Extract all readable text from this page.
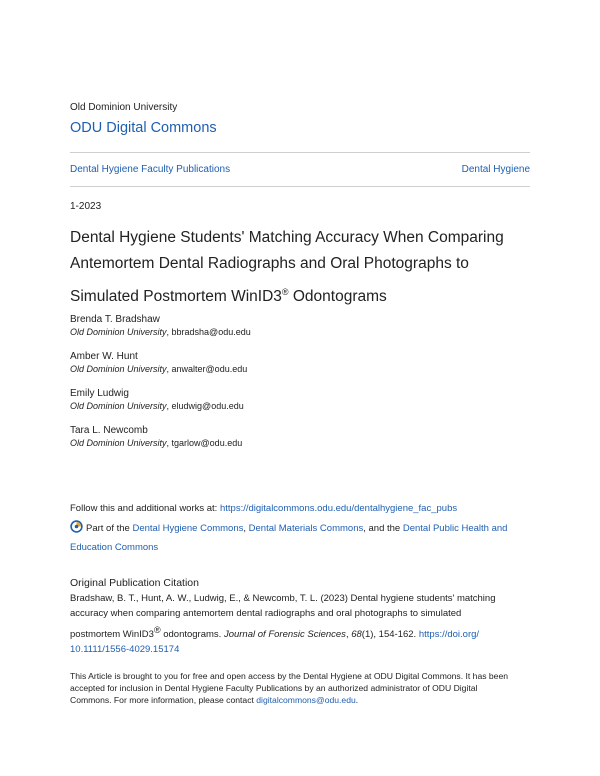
Old Dominion University
ODU Digital Commons
Dental Hygiene Faculty Publications	Dental Hygiene
1-2023
Dental Hygiene Students' Matching Accuracy When Comparing
Antemortem Dental Radiographs and Oral Photographs to
Simulated Postmortem WinID3® Odontograms
Brenda T. Bradshaw
Old Dominion University, bbradsha@odu.edu
Amber W. Hunt
Old Dominion University, anwalter@odu.edu
Emily Ludwig
Old Dominion University, eludwig@odu.edu
Tara L. Newcomb
Old Dominion University, tgarlow@odu.edu
Follow this and additional works at: https://digitalcommons.odu.edu/dentalhygiene_fac_pubs
Part of the Dental Hygiene Commons, Dental Materials Commons, and the Dental Public Health and
Education Commons
Original Publication Citation
Bradshaw, B. T., Hunt, A. W., Ludwig, E., & Newcomb, T. L. (2023) Dental hygiene students' matching
accuracy when comparing antemortem dental radiographs and oral photographs to simulated
postmortem WinID3® odontograms. Journal of Forensic Sciences, 68(1), 154-162. https://doi.org/
10.1111/1556-4029.15174
This Article is brought to you for free and open access by the Dental Hygiene at ODU Digital Commons. It has been
accepted for inclusion in Dental Hygiene Faculty Publications by an authorized administrator of ODU Digital
Commons. For more information, please contact digitalcommons@odu.edu.
